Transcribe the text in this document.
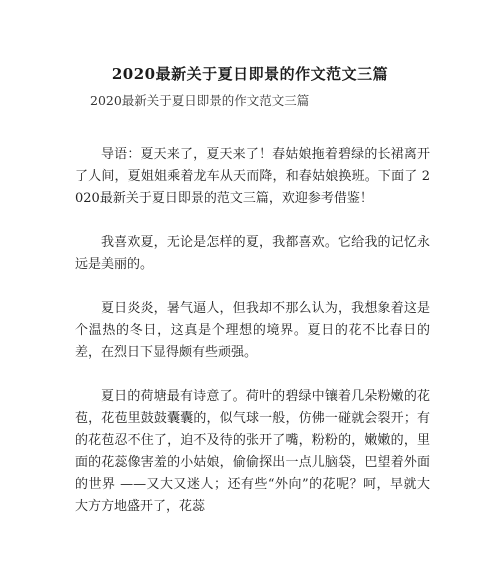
2020最新关于夏日即景的作文范文三篇
2020最新关于夏日即景的作文范文三篇

导语：夏天来了，夏天来了！春姑娘拖着碧绿的长裙离开了人间，夏姐姐乘着龙车从天而降，和春姑娘换班。下面了 2020最新关于夏日即景的范文三篇，欢迎参考借鉴！

我喜欢夏，无论是怎样的夏，我都喜欢。它给我的记忆永远是美丽的。

夏日炎炎，暑气逼人，但我却不那么认为，我想象着这是个温热的冬日，这真是个理想的境界。夏日的花不比春日的差，在烈日下显得颇有些顽强。

夏日的荷塘最有诗意了。荷叶的碧绿中镶着几朵粉嫩的花苞，花苞里鼓鼓囊囊的，似气球一般，仿佛一碰就会裂开；有的花苞忍不住了，迫不及待的张开了嘴，粉粉的，嫩嫩的，里面的花蕊像害羞的小姑娘，偷偷探出一点儿脑袋，巴望着外面的世界 ——又大又迷人；还有些“外向”的花呢？呵，早就大大方方地盛开了，花蕊
